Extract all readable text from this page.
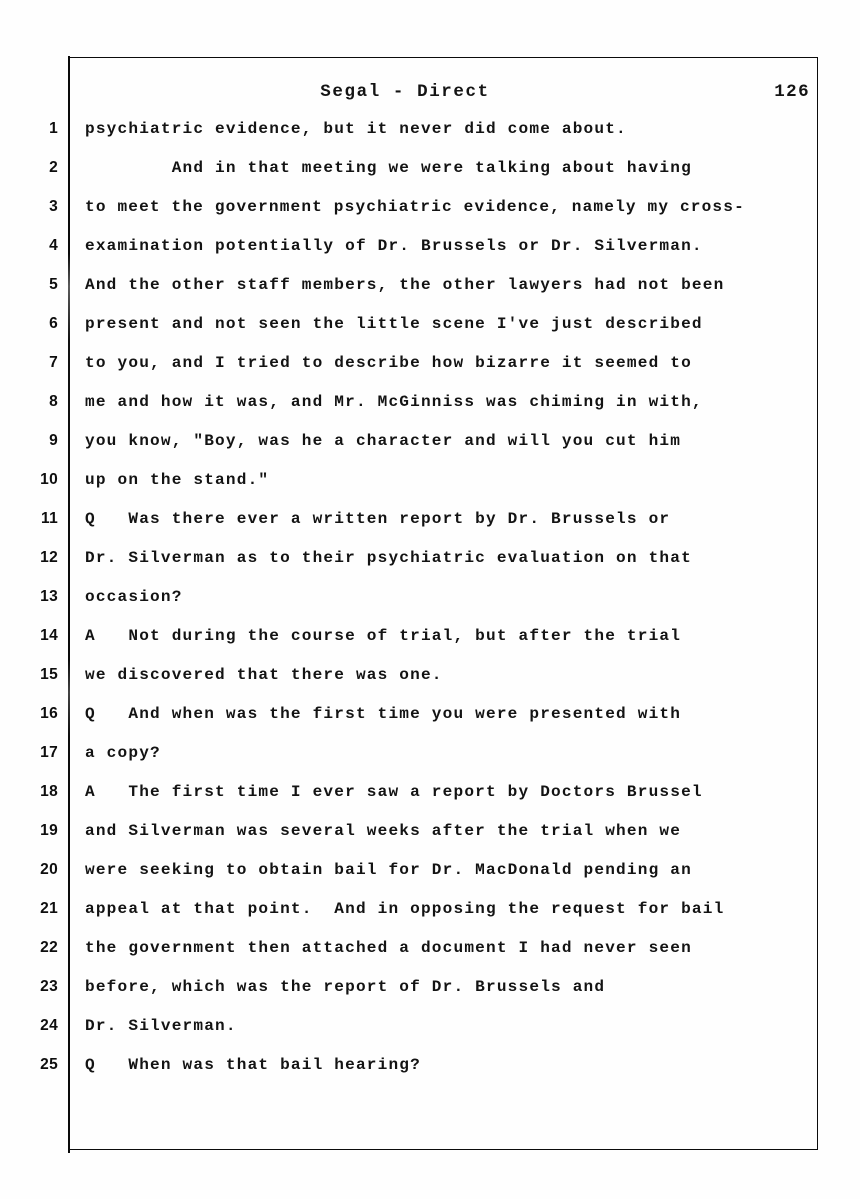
Segal - Direct	126
1 psychiatric evidence, but it never did come about.
2 And in that meeting we were talking about having
3 to meet the government psychiatric evidence, namely my cross-
4 examination potentially of Dr. Brussels or Dr. Silverman.
5 And the other staff members, the other lawyers had not been
6 present and not seen the little scene I've just described
7 to you, and I tried to describe how bizarre it seemed to
8 me and how it was, and Mr. McGinniss was chiming in with,
9 you know, "Boy, was he a character and will you cut him
10 up on the stand."
11 Q   Was there ever a written report by Dr. Brussels or
12 Dr. Silverman as to their psychiatric evaluation on that
13 occasion?
14 A   Not during the course of trial, but after the trial
15 we discovered that there was one.
16 Q   And when was the first time you were presented with
17 a copy?
18 A   The first time I ever saw a report by Doctors Brussel
19 and Silverman was several weeks after the trial when we
20 were seeking to obtain bail for Dr. MacDonald pending an
21 appeal at that point.  And in opposing the request for bail
22 the government then attached a document I had never seen
23 before, which was the report of Dr. Brussels and
24 Dr. Silverman.
25 Q   When was that bail hearing?
